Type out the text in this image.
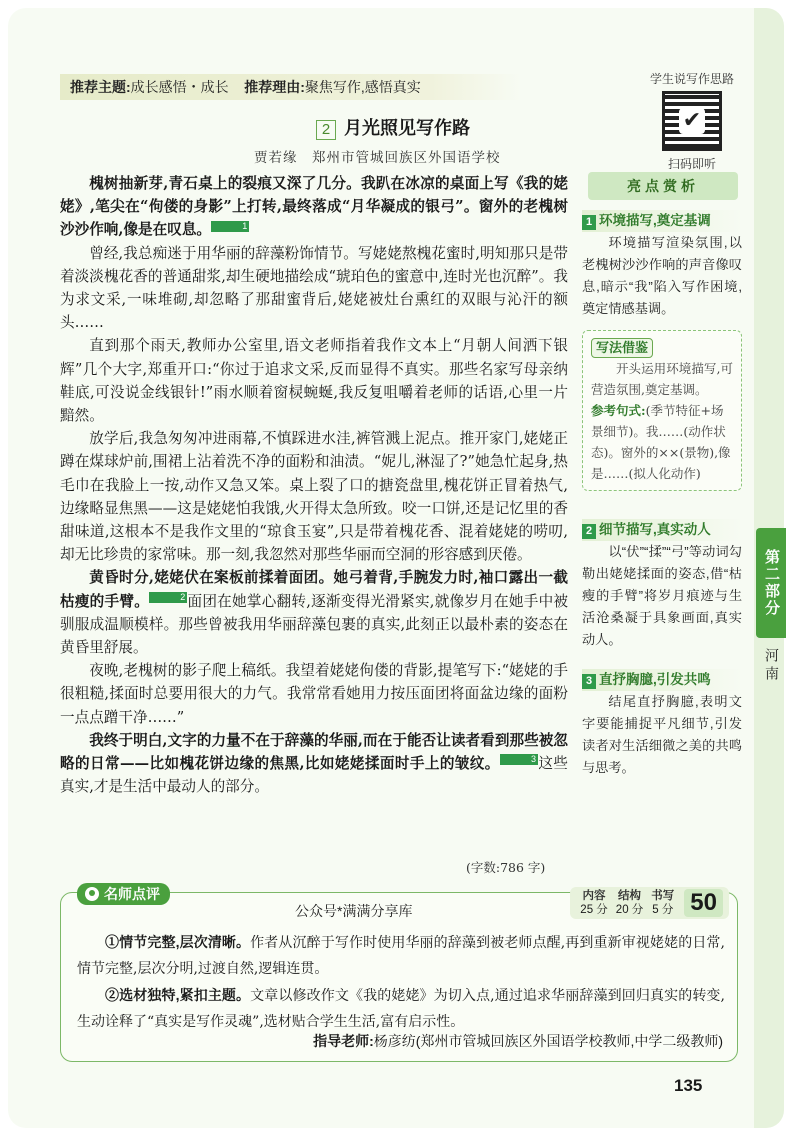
推荐主题:成长感悟・成长 推荐理由:聚焦写作,感悟真实	学生说写作思路
✔
扫码即听
2 月光照见写作路
贾若缘　郑州市管城回族区外国语学校

槐树抽新芽,青石桌上的裂痕又深了几分。我趴在冰凉的桌面上写《我的姥姥》,笔尖在“佝偻的身影”上打转,最终落成“月华凝成的银弓”。窗外的老槐树沙沙作响,像是在叹息。	1

曾经,我总痴迷于用华丽的辞藻粉饰情节。写姥姥熬槐花蜜时,明知那只是带着淡淡槐花香的普通甜浆,却生硬地描绘成“琥珀色的蜜意中,连时光也沉醉”。我为求文采,一味堆砌,却忽略了那甜蜜背后,姥姥被灶台熏红的双眼与沁汗的额头……

直到那个雨天,教师办公室里,语文老师指着我作文本上“月朝人间洒下银辉”几个大字,郑重开口:“你过于追求文采,反而显得不真实。那些名家写母亲纳鞋底,可没说金线银针!”雨水顺着窗棂蜿蜒,我反复咀嚼着老师的话语,心里一片黯然。

放学后,我急匆匆冲进雨幕,不慎踩进水洼,裤管溅上泥点。推开家门,姥姥正蹲在煤球炉前,围裙上沾着洗不净的面粉和油渍。“妮儿,淋湿了?”她急忙起身,热毛巾在我脸上一按,动作又急又笨。桌上裂了口的搪瓷盘里,槐花饼正冒着热气,边缘略显焦黑——这是姥姥怕我饿,火开得太急所致。咬一口饼,还是记忆里的香甜味道,这根本不是我作文里的“琼食玉宴”,只是带着槐花香、混着姥姥的唠叨,却无比珍贵的家常味。那一刻,我忽然对那些华丽而空洞的形容感到厌倦。

黄昏时分,姥姥伏在案板前揉着面团。她弓着背,手腕发力时,袖口露出一截枯瘦的手臂。	2 面团在她掌心翻转,逐渐变得光滑紧实,就像岁月在她手中被驯服成温顺模样。那些曾被我用华丽辞藻包裹的真实,此刻正以最朴素的姿态在黄昏里舒展。

夜晚,老槐树的影子爬上稿纸。我望着姥姥佝偻的背影,提笔写下:“姥姥的手很粗糙,揉面时总要用很大的力气。我常常看她用力按压面团将面盆边缘的面粉一点点蹭干净……”

我终于明白,文字的力量不在于辞藻的华丽,而在于能否让读者看到那些被忽略的日常——比如槐花饼边缘的焦黑,比如姥姥揉面时手上的皱纹。	3 这些真实,才是生活中最动人的部分。

(字数:786 字)
亮点赏析
1 环境描写,奠定基调
环境描写渲染氛围,以老槐树沙沙作响的声音像叹息,暗示“我”陷入写作困境,奠定情感基调。
写法借鉴

开头运用环境描写,可营造氛围,奠定基调。

参考句式:(季节特征+场景细节)。我……(动作状态)。窗外的××(景物),像是……(拟人化动作)
2 细节描写,真实动人
以“伏”“揉”“弓”等动词勾勒出姥姥揉面的姿态,借“枯瘦的手臂”将岁月痕迹与生活沧桑凝于具象画面,真实动人。
3 直抒胸臆,引发共鸣
结尾直抒胸臆,表明文字要能捕捉平凡细节,引发读者对生活细微之美的共鸣与思考。
第二部分
河南
名师点评
公众号*满满分享库
内容	结构	书写
25 分	20 分	5 分 50

①情节完整,层次清晰。作者从沉醉于写作时使用华丽的辞藻到被老师点醒,再到重新审视姥姥的日常,情节完整,层次分明,过渡自然,逻辑连贯。

②选材独特,紧扣主题。文章以修改作文《我的姥姥》为切入点,通过追求华丽辞藻到回归真实的转变,生动诠释了“真实是写作灵魂”,选材贴合学生生活,富有启示性。

指导老师:杨彦纺(郑州市管城回族区外国语学校教师,中学二级教师)
135
